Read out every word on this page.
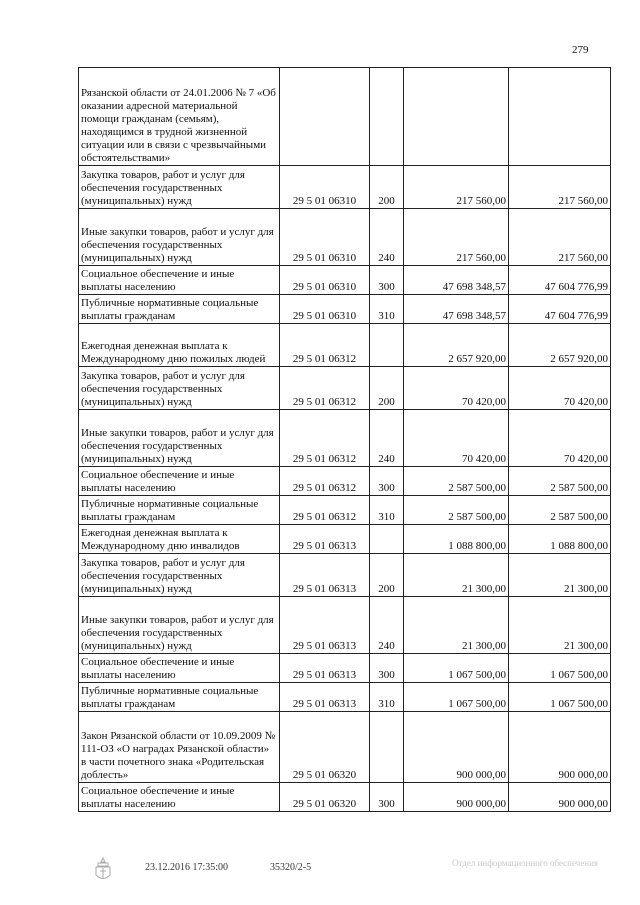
279
Рязанской области от 24.01.2006 № 7 «Об оказании адресной материальной помощи гражданам (семьям), находящимся в трудной жизненной ситуации или в связи с чрезвычайными обстоятельствами»				
Закупка товаров, работ и услуг для обеспечения государственных (муниципальных) нужд	29 5 01 06310	200	217 560,00	217 560,00
Иные закупки товаров, работ и услуг для обеспечения государственных (муниципальных) нужд	29 5 01 06310	240	217 560,00	217 560,00
Социальное обеспечение и иные выплаты населению	29 5 01 06310	300	47 698 348,57	47 604 776,99
Публичные нормативные социальные выплаты гражданам	29 5 01 06310	310	47 698 348,57	47 604 776,99
Ежегодная денежная выплата к Международному дню пожилых людей	29 5 01 06312		2 657 920,00	2 657 920,00
Закупка товаров, работ и услуг для обеспечения государственных (муниципальных) нужд	29 5 01 06312	200	70 420,00	70 420,00
Иные закупки товаров, работ и услуг для обеспечения государственных (муниципальных) нужд	29 5 01 06312	240	70 420,00	70 420,00
Социальное обеспечение и иные выплаты населению	29 5 01 06312	300	2 587 500,00	2 587 500,00
Публичные нормативные социальные выплаты гражданам	29 5 01 06312	310	2 587 500,00	2 587 500,00
Ежегодная денежная выплата к Международному дню инвалидов	29 5 01 06313		1 088 800,00	1 088 800,00
Закупка товаров, работ и услуг для обеспечения государственных (муниципальных) нужд	29 5 01 06313	200	21 300,00	21 300,00
Иные закупки товаров, работ и услуг для обеспечения государственных (муниципальных) нужд	29 5 01 06313	240	21 300,00	21 300,00
Социальное обеспечение и иные выплаты населению	29 5 01 06313	300	1 067 500,00	1 067 500,00
Публичные нормативные социальные выплаты гражданам	29 5 01 06313	310	1 067 500,00	1 067 500,00
Закон Рязанской области от 10.09.2009 № 111-ОЗ «О наградах Рязанской области» в части почетного знака «Родительская доблесть»	29 5 01 06320		900 000,00	900 000,00
Социальное обеспечение и иные выплаты населению	29 5 01 06320	300	900 000,00	900 000,00
23.12.2016 17:35:00	35320/2-5	Отдел информационного обеспечения
